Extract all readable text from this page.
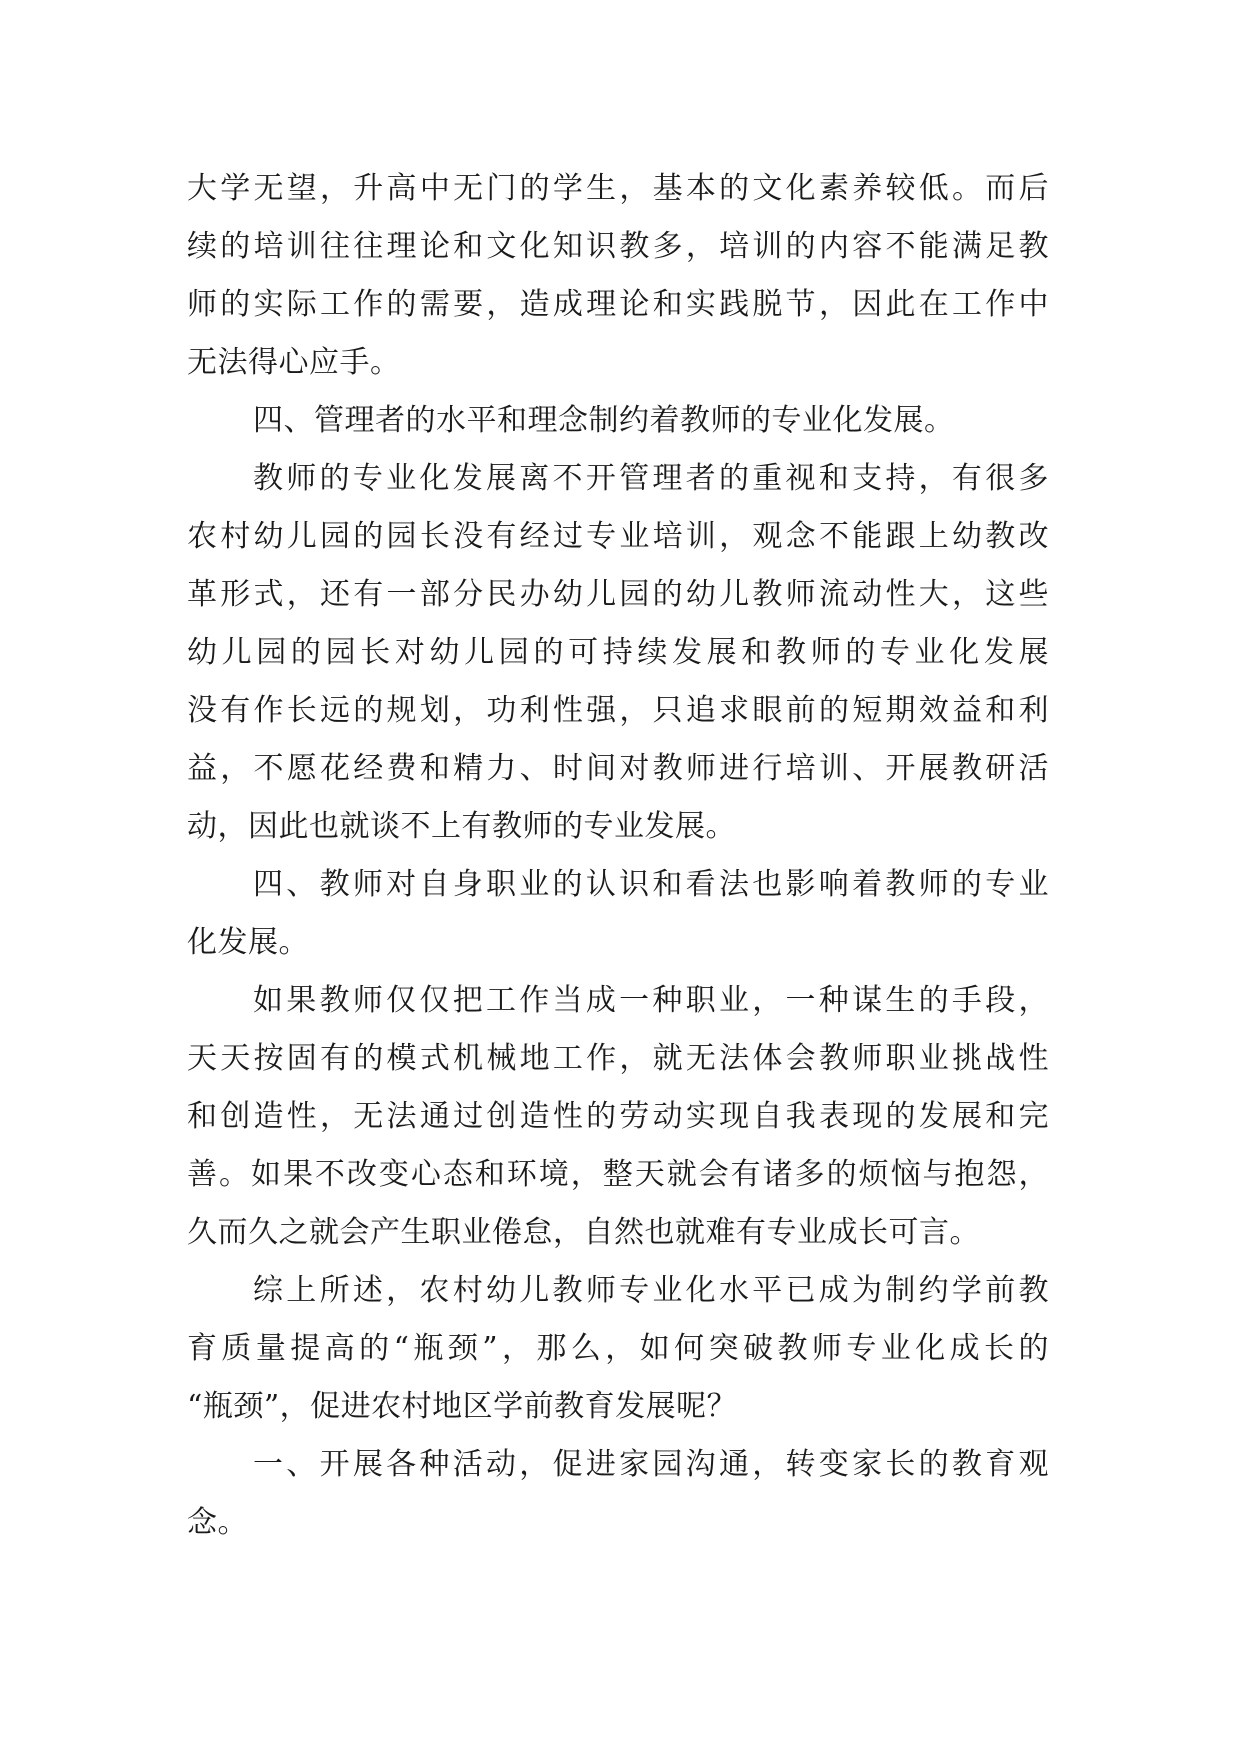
大学无望，升高中无门的学生，基本的文化素养较低。而后
续的培训往往理论和文化知识教多，培训的内容不能满足教
师的实际工作的需要，造成理论和实践脱节，因此在工作中
无法得心应手。
四、管理者的水平和理念制约着教师的专业化发展。
教师的专业化发展离不开管理者的重视和支持，有很多
农村幼儿园的园长没有经过专业培训，观念不能跟上幼教改
革形式，还有一部分民办幼儿园的幼儿教师流动性大，这些
幼儿园的园长对幼儿园的可持续发展和教师的专业化发展
没有作长远的规划，功利性强，只追求眼前的短期效益和利
益，不愿花经费和精力、时间对教师进行培训、开展教研活
动，因此也就谈不上有教师的专业发展。
四、教师对自身职业的认识和看法也影响着教师的专业
化发展。
如果教师仅仅把工作当成一种职业，一种谋生的手段，
天天按固有的模式机械地工作，就无法体会教师职业挑战性
和创造性，无法通过创造性的劳动实现自我表现的发展和完
善。如果不改变心态和环境，整天就会有诸多的烦恼与抱怨，
久而久之就会产生职业倦怠，自然也就难有专业成长可言。
综上所述，农村幼儿教师专业化水平已成为制约学前教
育质量提高的“瓶颈”，那么，如何突破教师专业化成长的
“瓶颈”，促进农村地区学前教育发展呢？
一、开展各种活动，促进家园沟通，转变家长的教育观
念。
